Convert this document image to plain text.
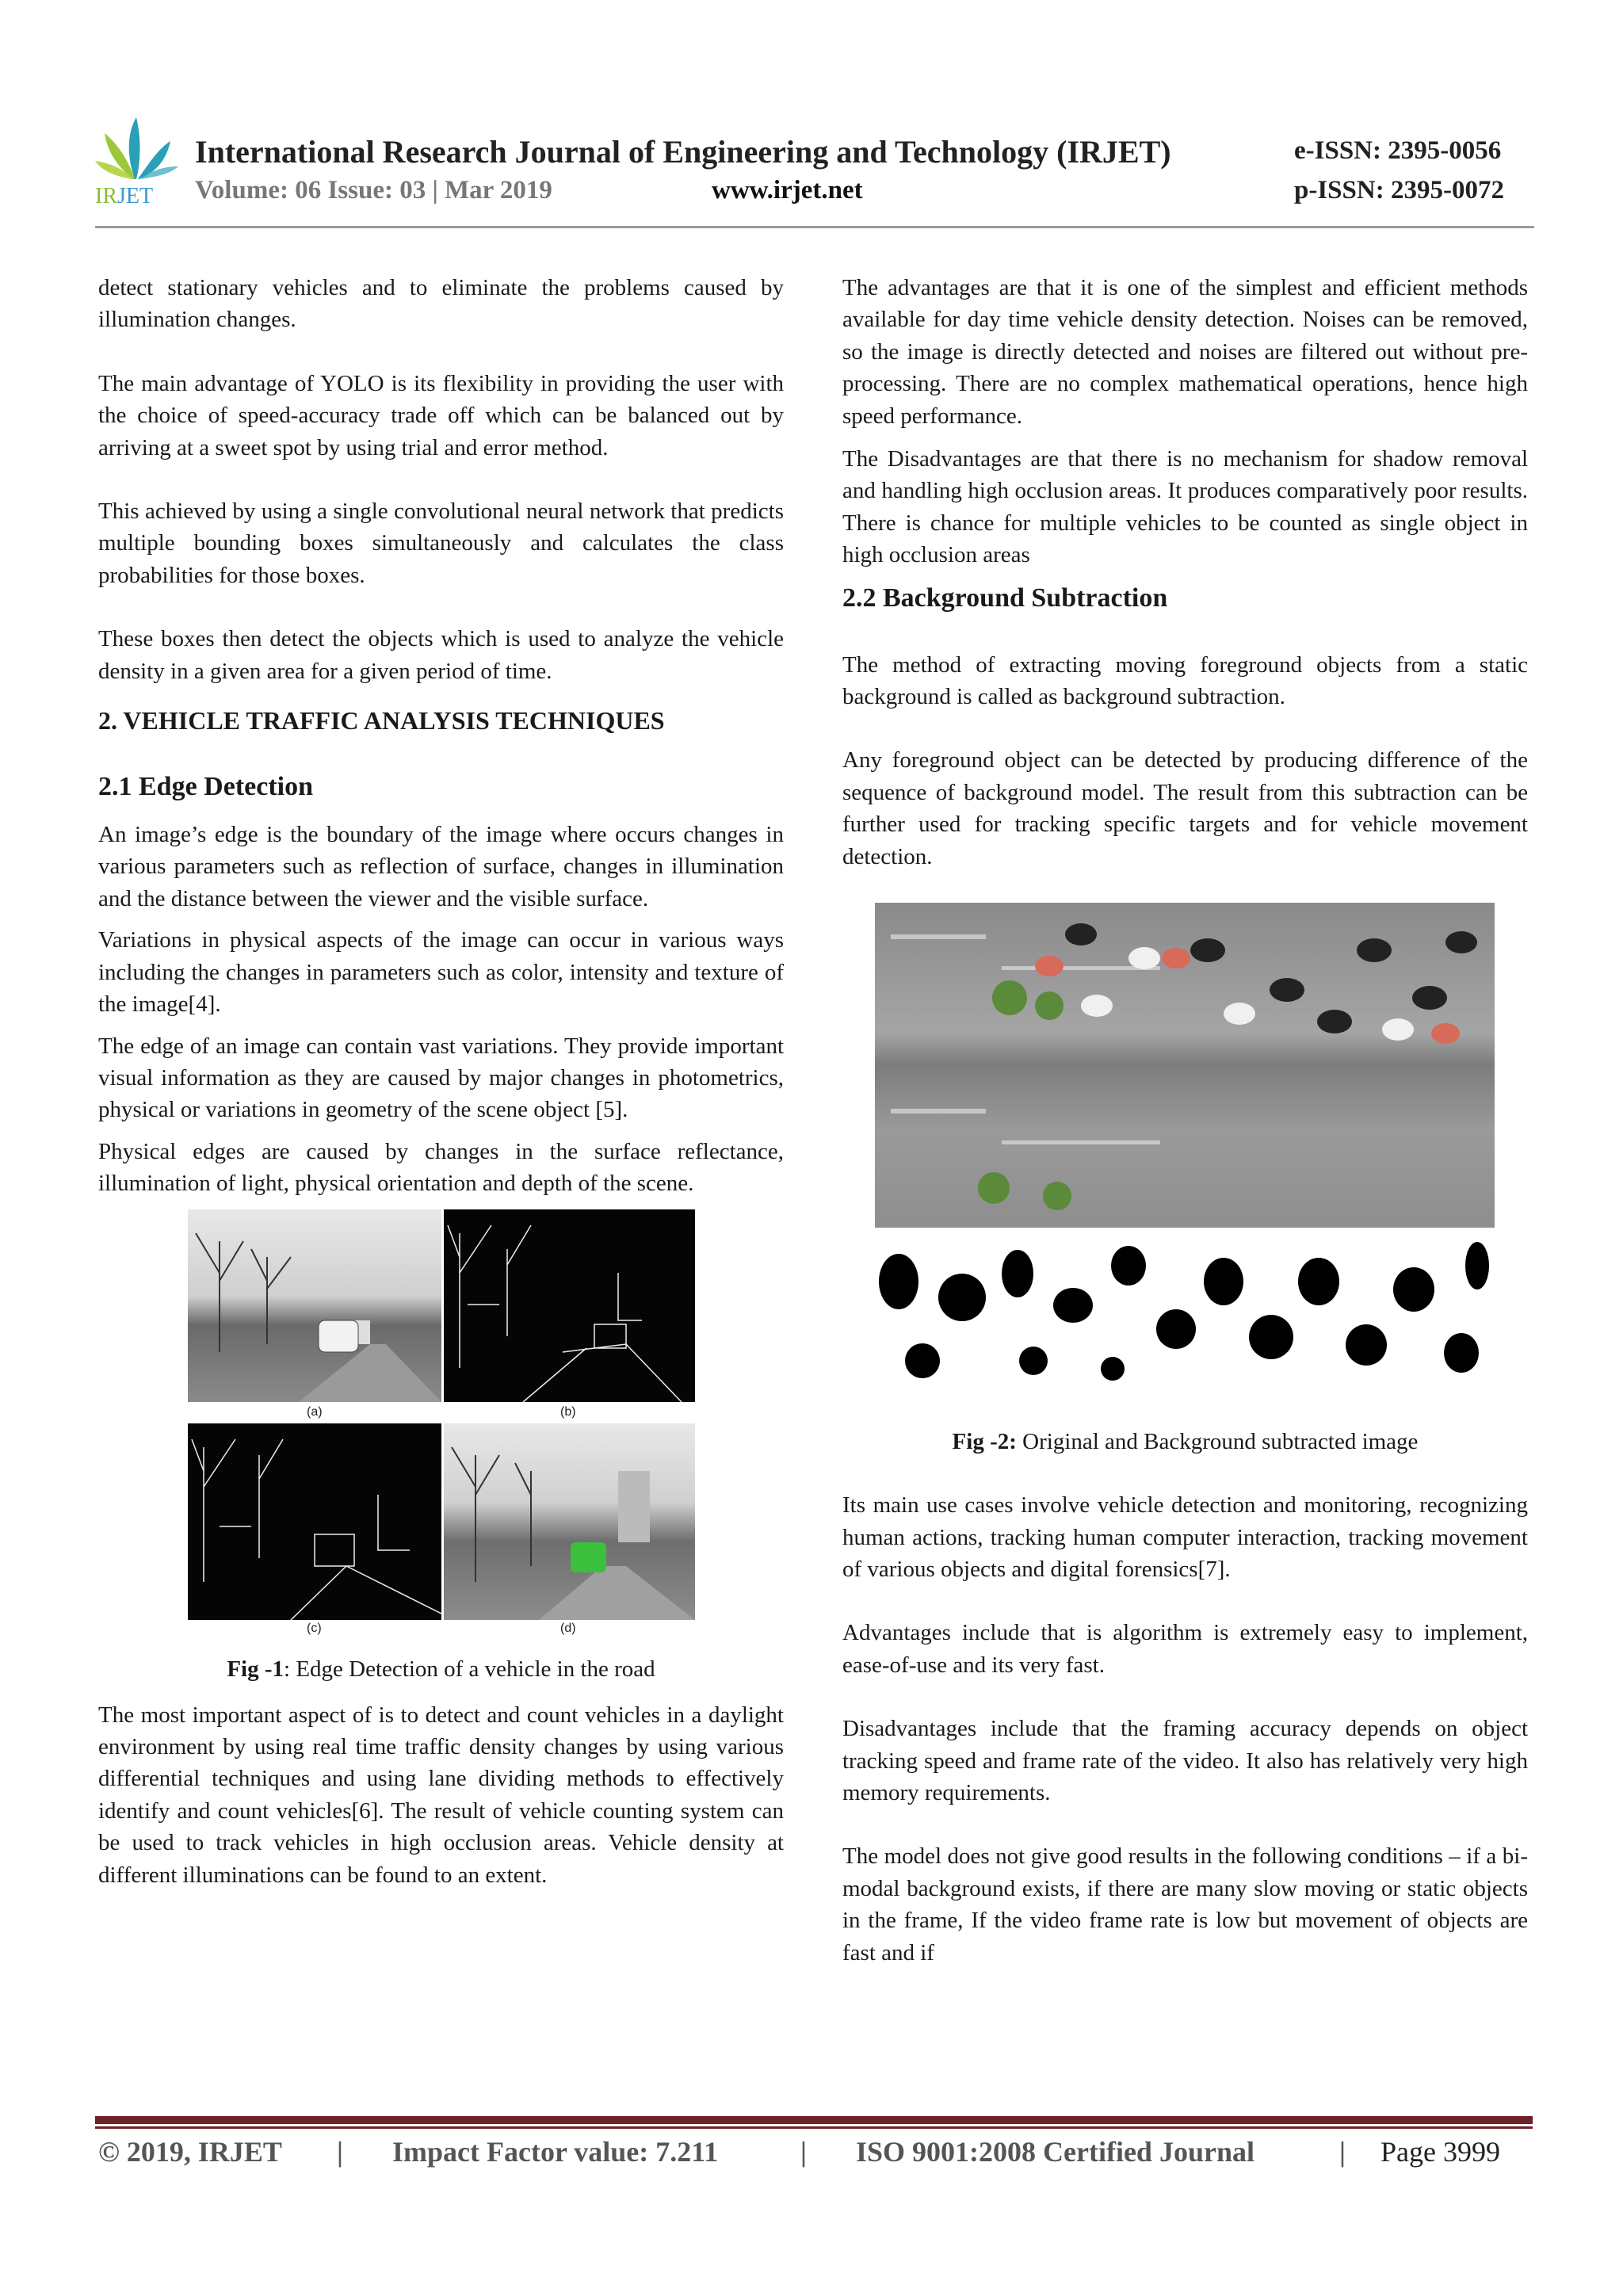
IRJET
International Research Journal of Engineering and Technology (IRJET)
Volume: 06 Issue: 03 | Mar 2019	www.irjet.net
e-ISSN: 2395-0056
p-ISSN: 2395-0072

detect stationary vehicles and to eliminate the problems caused by illumination changes.

The main advantage of YOLO is its flexibility in providing the user with the choice of speed-accuracy trade off which can be balanced out by arriving at a sweet spot by using trial and error method.

This achieved by using a single convolutional neural network that predicts multiple bounding boxes simultaneously and calculates the class probabilities for those boxes.

These boxes then detect the objects which is used to analyze the vehicle density in a given area for a given period of time.

2. VEHICLE TRAFFIC ANALYSIS TECHNIQUES
2.1 Edge Detection

An image’s edge is the boundary of the image where occurs changes in various parameters such as reflection of surface, changes in illumination and the distance between the viewer and the visible surface.

Variations in physical aspects of the image can occur in various ways including the changes in parameters such as color, intensity and texture of the image[4].

The edge of an image can contain vast variations. They provide important visual information as they are caused by major changes in photometrics, physical or variations in geometry of the scene object [5].

Physical edges are caused by changes in the surface reflectance, illumination of light, physical orientation and depth of the scene.

(a)	(b)
(c)	(d)
Fig -1: Edge Detection of a vehicle in the road

The most important aspect of is to detect and count vehicles in a daylight environment by using real time traffic density changes by using various differential techniques and using lane dividing methods to effectively identify and count vehicles[6]. The result of vehicle counting system can be used to track vehicles in high occlusion areas. Vehicle density at different illuminations can be found to an extent.

The advantages are that it is one of the simplest and efficient methods available for day time vehicle density detection. Noises can be removed, so the image is directly detected and noises are filtered out without pre-processing. There are no complex mathematical operations, hence high speed performance.

The Disadvantages are that there is no mechanism for shadow removal and handling high occlusion areas. It produces comparatively poor results. There is chance for multiple vehicles to be counted as single object in high occlusion areas

2.2 Background Subtraction

The method of extracting moving foreground objects from a static background is called as background subtraction.

Any foreground object can be detected by producing difference of the sequence of background model. The result from this subtraction can be further used for tracking specific targets and for vehicle movement detection.

Fig -2: Original and Background subtracted image

Its main use cases involve vehicle detection and monitoring, recognizing human actions, tracking human computer interaction, tracking movement of various objects and digital forensics[7].

Advantages include that is algorithm is extremely easy to implement, ease-of-use and its very fast.

Disadvantages include that the framing accuracy depends on object tracking speed and frame rate of the video. It also has relatively very high memory requirements.

The model does not give good results in the following conditions – if a bi-modal background exists, if there are many slow moving or static objects in the frame, If the video frame rate is low but movement of objects are fast and if

© 2019, IRJET | Impact Factor value: 7.211	| ISO 9001:2008 Certified Journal	| Page 3999
